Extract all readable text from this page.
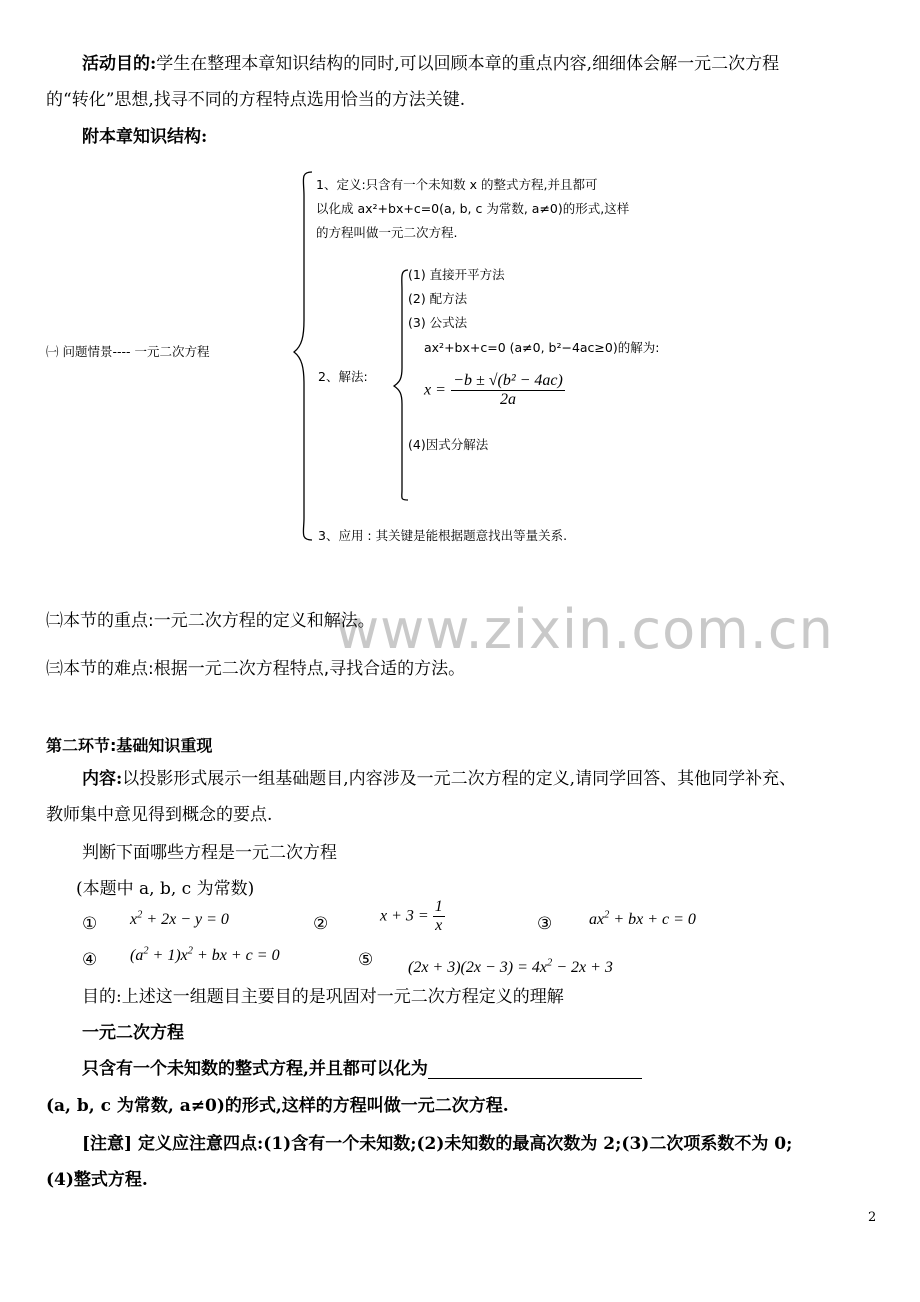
www.zixin.com.cn
活动目的:学生在整理本章知识结构的同时,可以回顾本章的重点内容,细细体会解一元二次方程
的“转化”思想,找寻不同的方程特点选用恰当的方法关键.
附本章知识结构:
㈠ 问题情景---- 一元二次方程
1、定义:只含有一个未知数 x 的整式方程,并且都可
以化成 ax²+bx+c=0(a, b, c 为常数, a≠0)的形式,这样
的方程叫做一元二次方程.
(1) 直接开平方法
(2) 配方法
(3) 公式法
ax²+bx+c=0 (a≠0, b²−4ac≥0)的解为:
2、解法:
$x = \frac{\text{−b ± √(b² − 4ac)}}{2a}$
(4)因式分解法
3、应用 : 其关键是能根据题意找出等量关系.
㈡本节的重点:一元二次方程的定义和解法。
㈢本节的难点:根据一元二次方程特点,寻找合适的方法。
第二环节:基础知识重现
内容:以投影形式展示一组基础题目,内容涉及一元二次方程的定义,请同学回答、其他同学补充、
教师集中意见得到概念的要点.
判断下面哪些方程是一元二次方程
(本题中 a, b, c 为常数)
① $x^2 + 2x - y = 0$	②	$x + 3 = \frac{1}{x}$	③ $ax^2$ + bx + c = 0
④ $(a^2 + 1)x^2$ + bx + c = 0	⑤ $(2x + 3)(2x - 3) = 4x^2 - 2x + 3$
目的:上述这一组题目主要目的是巩固对一元二次方程定义的理解
一元二次方程
只含有一个未知数的整式方程,并且都可以化为
(a, b, c 为常数, a≠0)的形式,这样的方程叫做一元二次方程.
[注意] 定义应注意四点:(1)含有一个未知数;(2)未知数的最高次数为 2;(3)二次项系数不为 0;
(4)整式方程.
2
